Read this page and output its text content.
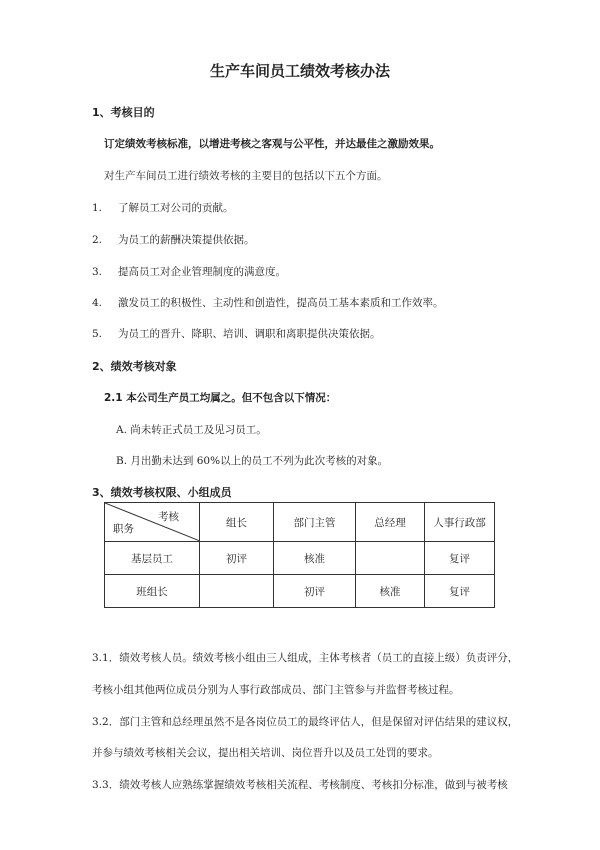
生产车间员工绩效考核办法
1、考核目的
订定绩效考核标准，以增进考核之客观与公平性，并达最佳之激励效果。
对生产车间员工进行绩效考核的主要目的包括以下五个方面。
1. 了解员工对公司的贡献。
2. 为员工的薪酬决策提供依据。
3. 提高员工对企业管理制度的满意度。
4. 激发员工的积极性、主动性和创造性，提高员工基本素质和工作效率。
5. 为员工的晋升、降职、培训、调职和离职提供决策依据。
2、绩效考核对象
2.1 本公司生产员工均属之。但不包含以下情况：
A. 尚未转正式员工及见习员工。
B. 月出勤未达到 60%以上的员工不列为此次考核的对象。
3、绩效考核权限、小组成员
考核
职务	组长	部门主管	总经理	人事行政部
基层员工	初评	核准		复评
班组长		初评	核准	复评
3.1．绩效考核人员。绩效考核小组由三人组成，主体考核者（员工的直接上级）负责评分，
考核小组其他两位成员分别为人事行政部成员、部门主管参与并监督考核过程。
3.2．部门主管和总经理虽然不是各岗位员工的最终评估人，但是保留对评估结果的建议权，
并参与绩效考核相关会议，提出相关培训、岗位晋升以及员工处罚的要求。
3.3．绩效考核人应熟练掌握绩效考核相关流程、考核制度、考核扣分标准，做到与被考核
